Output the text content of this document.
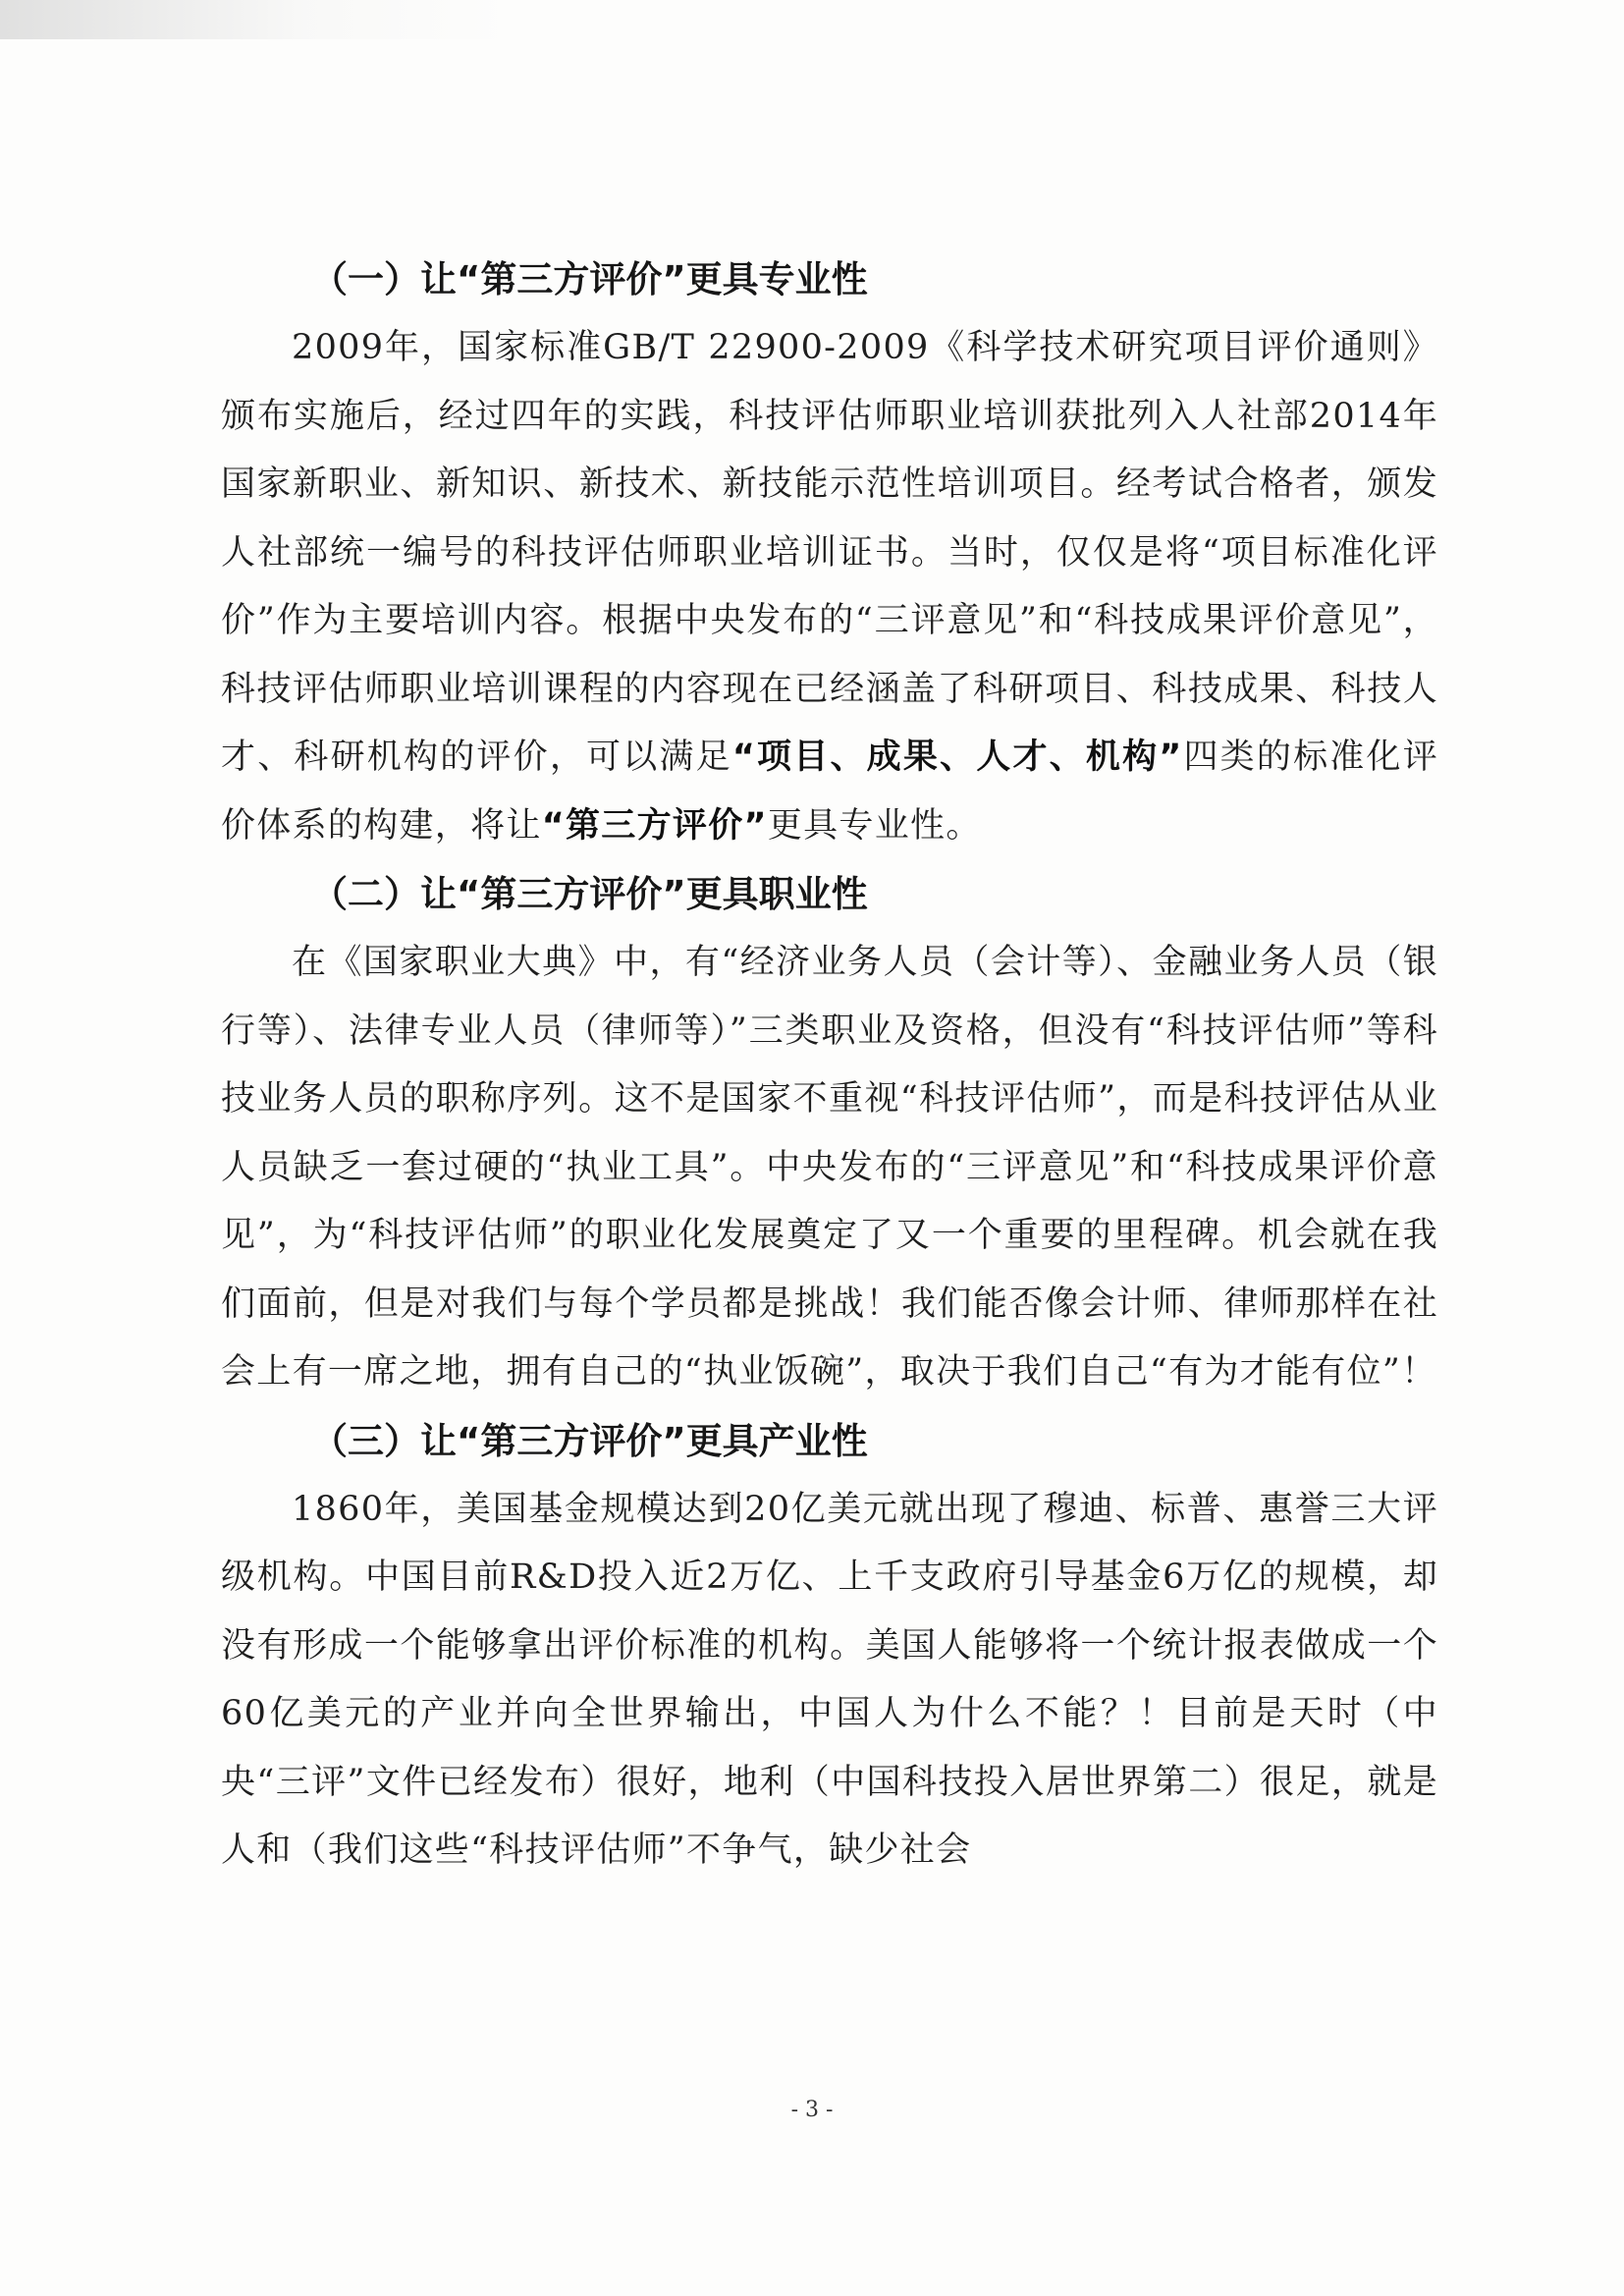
（一）让“第三方评价”更具专业性

2009年，国家标准GB/T 22900-2009《科学技术研究项目评价通则》颁布实施后，经过四年的实践，科技评估师职业培训获批列入人社部2014年国家新职业、新知识、新技术、新技能示范性培训项目。经考试合格者，颁发人社部统一编号的科技评估师职业培训证书。当时，仅仅是将“项目标准化评价”作为主要培训内容。根据中央发布的“三评意见”和“科技成果评价意见”，科技评估师职业培训课程的内容现在已经涵盖了科研项目、科技成果、科技人才、科研机构的评价，可以满足“项目、成果、人才、机构”四类的标准化评价体系的构建，将让“第三方评价”更具专业性。

（二）让“第三方评价”更具职业性

在《国家职业大典》中，有“经济业务人员（会计等）、金融业务人员（银行等）、法律专业人员（律师等）”三类职业及资格，但没有“科技评估师”等科技业务人员的职称序列。这不是国家不重视“科技评估师”，而是科技评估从业人员缺乏一套过硬的“执业工具”。中央发布的“三评意见”和“科技成果评价意见”，为“科技评估师”的职业化发展奠定了又一个重要的里程碑。机会就在我们面前，但是对我们与每个学员都是挑战！我们能否像会计师、律师那样在社会上有一席之地，拥有自己的“执业饭碗”，取决于我们自己“有为才能有位”！

（三）让“第三方评价”更具产业性

1860年，美国基金规模达到20亿美元就出现了穆迪、标普、惠誉三大评级机构。中国目前R&D投入近2万亿、上千支政府引导基金6万亿的规模，却没有形成一个能够拿出评价标准的机构。美国人能够将一个统计报表做成一个60亿美元的产业并向全世界输出，中国人为什么不能？！目前是天时（中央“三评”文件已经发布）很好，地利（中国科技投入居世界第二）很足，就是人和（我们这些“科技评估师”不争气，缺少社会

- 3 -
